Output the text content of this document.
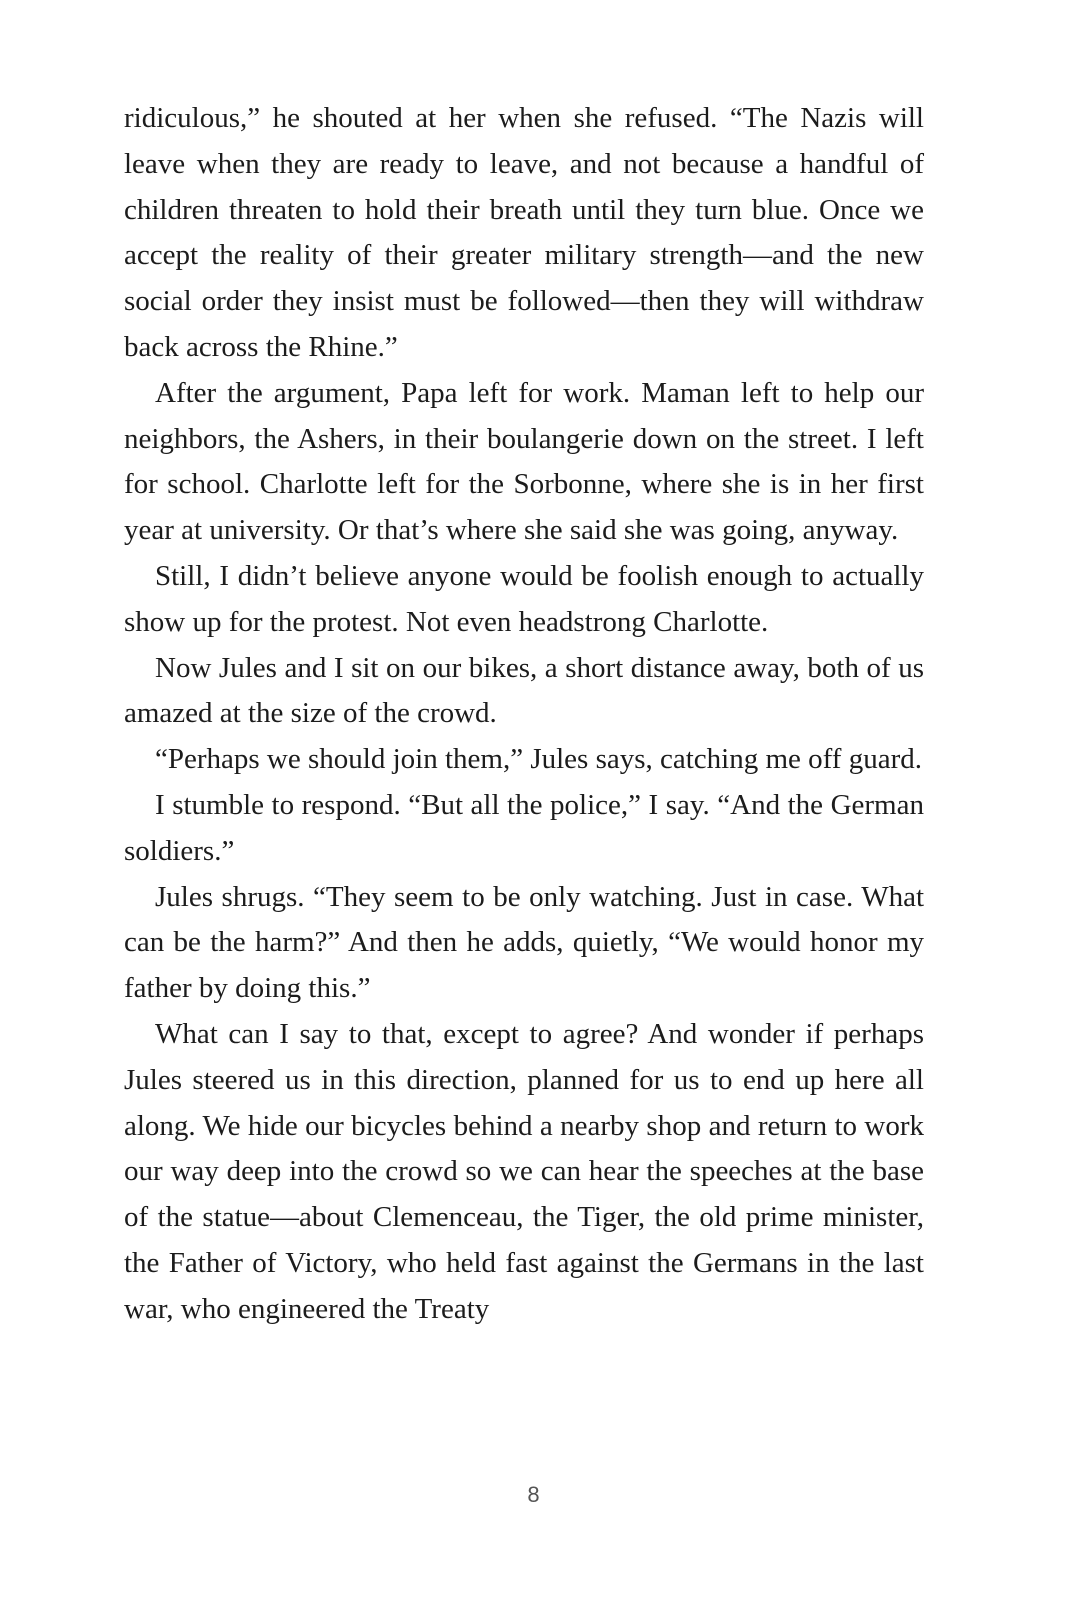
ridiculous,” he shouted at her when she refused. “The Nazis will leave when they are ready to leave, and not because a handful of children threaten to hold their breath until they turn blue. Once we accept the reality of their greater military strength—and the new social order they insist must be followed—then they will withdraw back across the Rhine.”

After the argument, Papa left for work. Maman left to help our neighbors, the Ashers, in their boulangerie down on the street. I left for school. Charlotte left for the Sorbonne, where she is in her first year at university. Or that’s where she said she was going, anyway.

Still, I didn’t believe anyone would be foolish enough to actually show up for the protest. Not even headstrong Charlotte.

Now Jules and I sit on our bikes, a short distance away, both of us amazed at the size of the crowd.

“Perhaps we should join them,” Jules says, catching me off guard.

I stumble to respond. “But all the police,” I say. “And the German soldiers.”

Jules shrugs. “They seem to be only watching. Just in case. What can be the harm?” And then he adds, quietly, “We would honor my father by doing this.”

What can I say to that, except to agree? And wonder if perhaps Jules steered us in this direction, planned for us to end up here all along. We hide our bicycles behind a nearby shop and return to work our way deep into the crowd so we can hear the speeches at the base of the statue—about Clemenceau, the Tiger, the old prime minister, the Father of Victory, who held fast against the Germans in the last war, who engineered the Treaty

8
